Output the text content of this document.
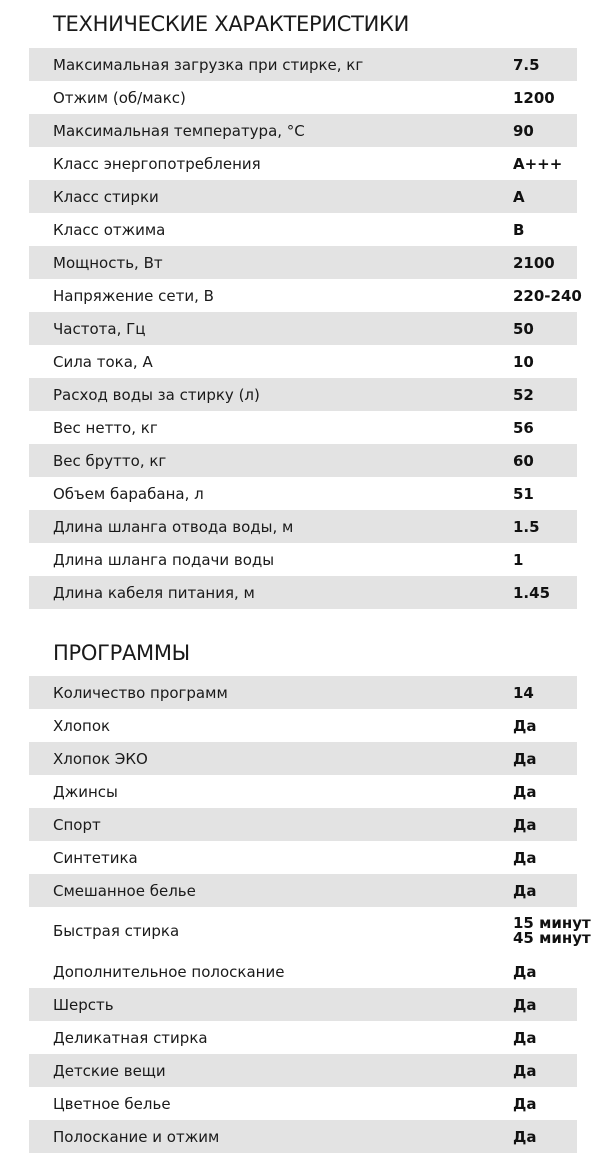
ТЕХНИЧЕСКИЕ ХАРАКТЕРИСТИКИ
Максимальная загрузка при стирке, кг	7.5
Отжим (об/макс)	1200
Максимальная температура, °С	90
Класс энергопотребления	А+++
Класс стирки	А
Класс отжима	В
Мощность, Вт	2100
Напряжение сети, В	220-240
Частота, Гц	50
Сила тока, А	10
Расход воды за стирку (л)	52
Вес нетто, кг	56
Вес брутто, кг	60
Объем барабана, л	51
Длина шланга отвода воды, м	1.5
Длина шланга подачи воды	1
Длина кабеля питания, м	1.45
ПРОГРАММЫ
Количество программ	14
Хлопок	Да
Хлопок ЭКО	Да
Джинсы	Да
Спорт	Да
Синтетика	Да
Смешанное белье	Да
Быстрая стирка	15 минут
45 минут
Дополнительное полоскание	Да
Шерсть	Да
Деликатная стирка	Да
Детские вещи	Да
Цветное белье	Да
Полоскание и отжим	Да
